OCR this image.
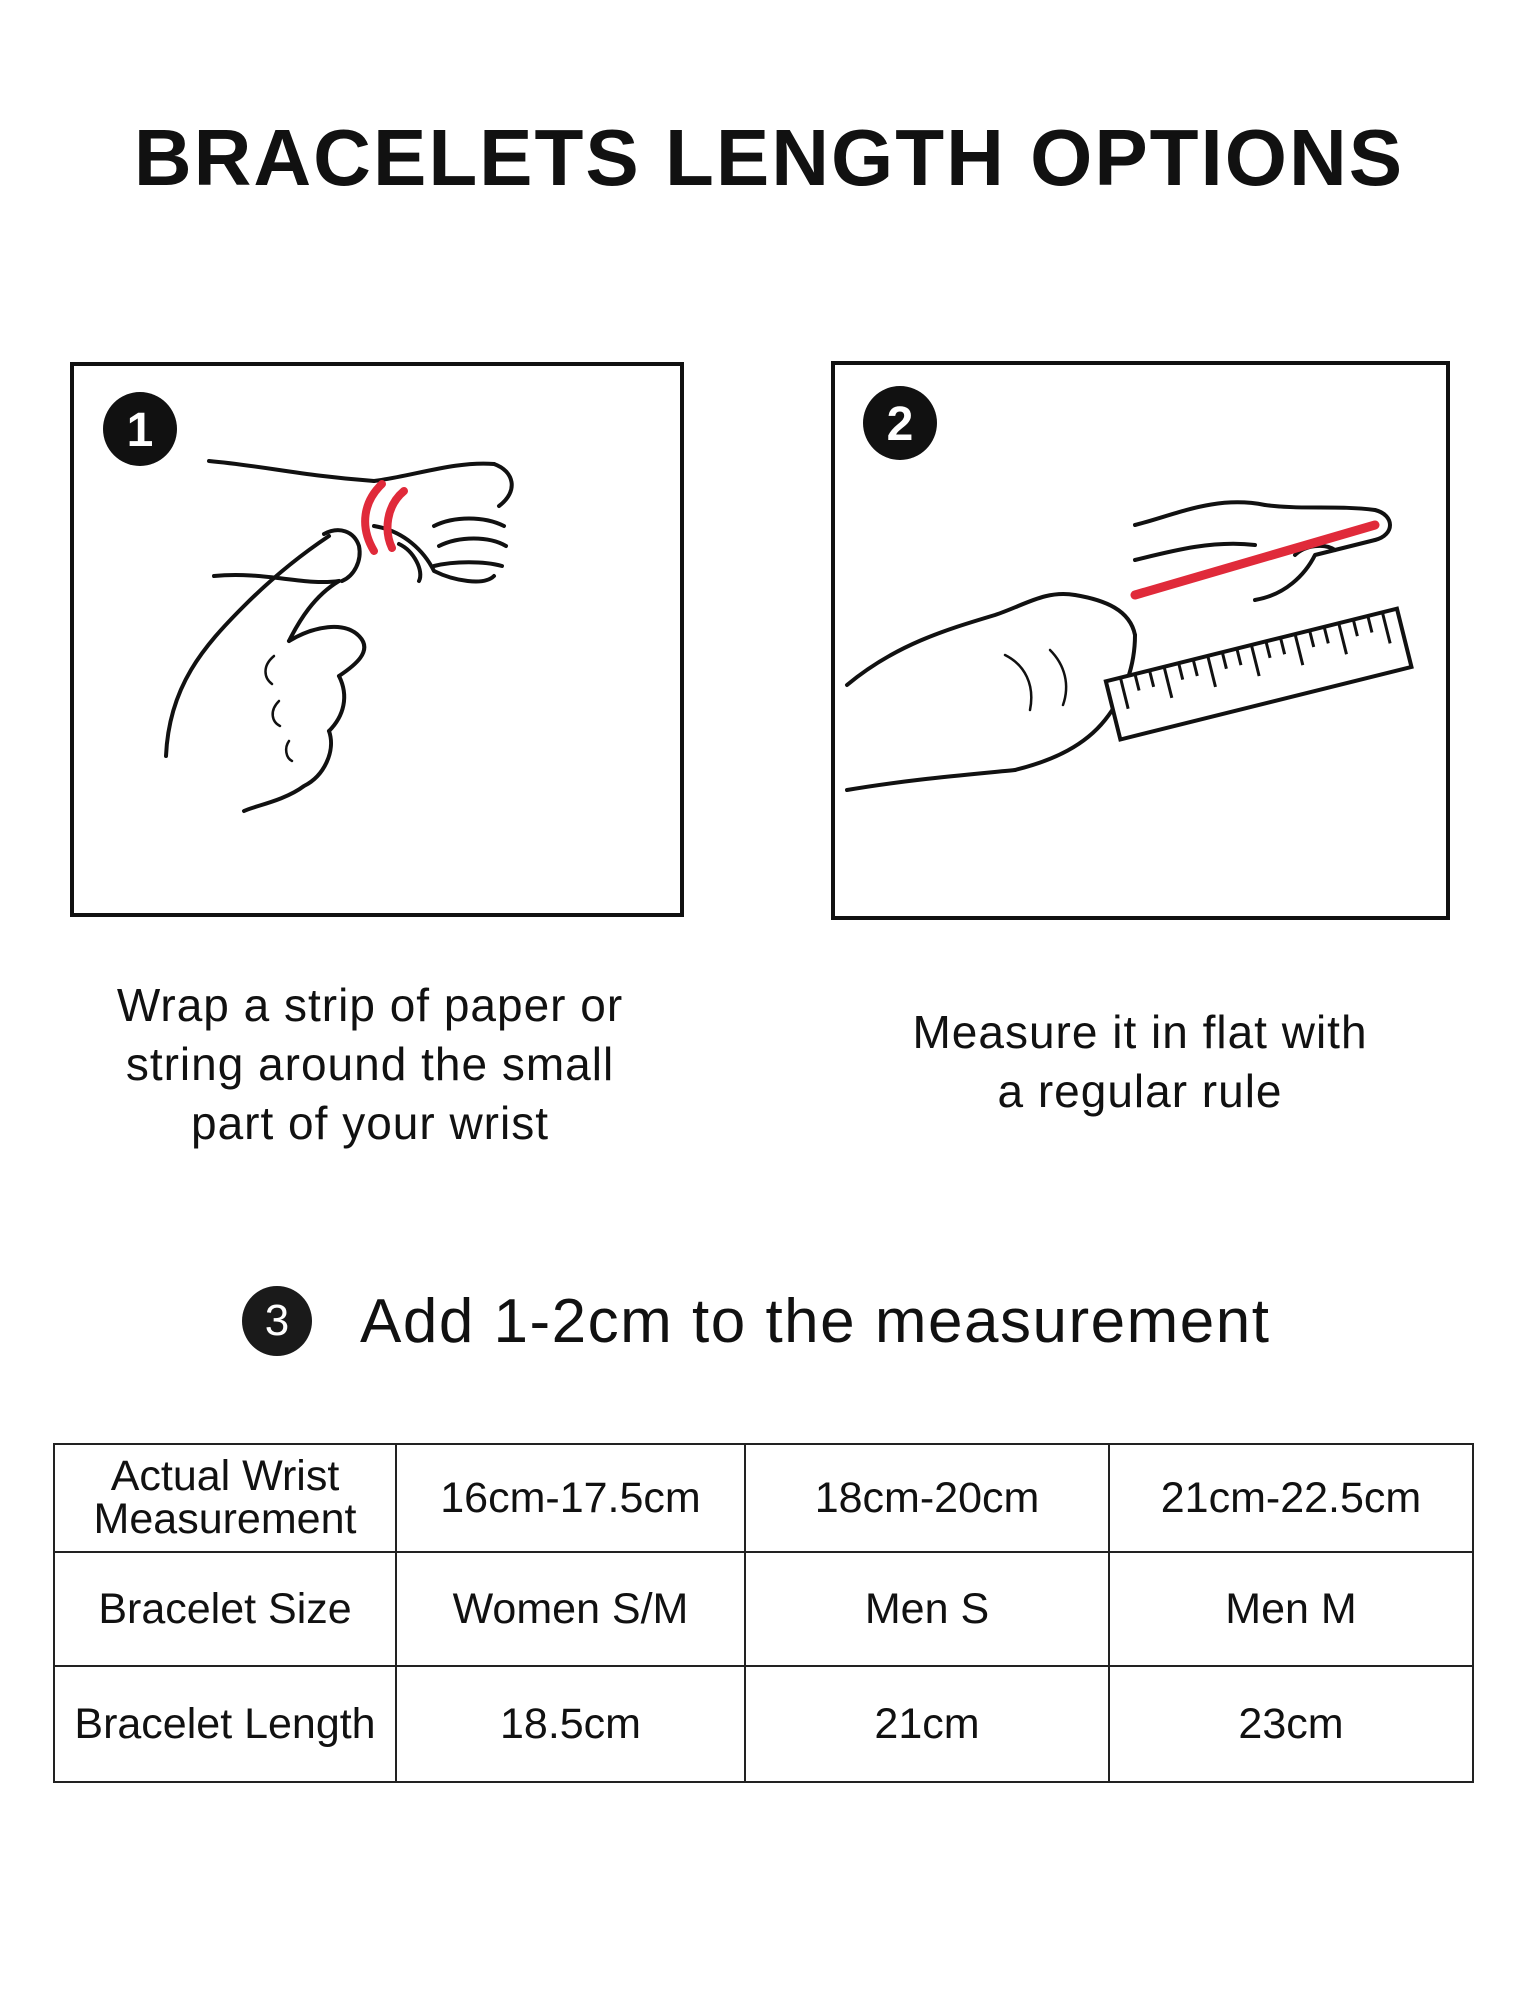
BRACELETS LENGTH OPTIONS
1	2

Wrap a strip of paper or
string around the small
part of your wrist

Measure it in flat with
a regular rule

3	Add 1-2cm to the measurement
Actual Wrist
Measurement	16cm-17.5cm	18cm-20cm	21cm-22.5cm
Bracelet Size	Women S/M	Men S	Men M
Bracelet Length	18.5cm	21cm	23cm
